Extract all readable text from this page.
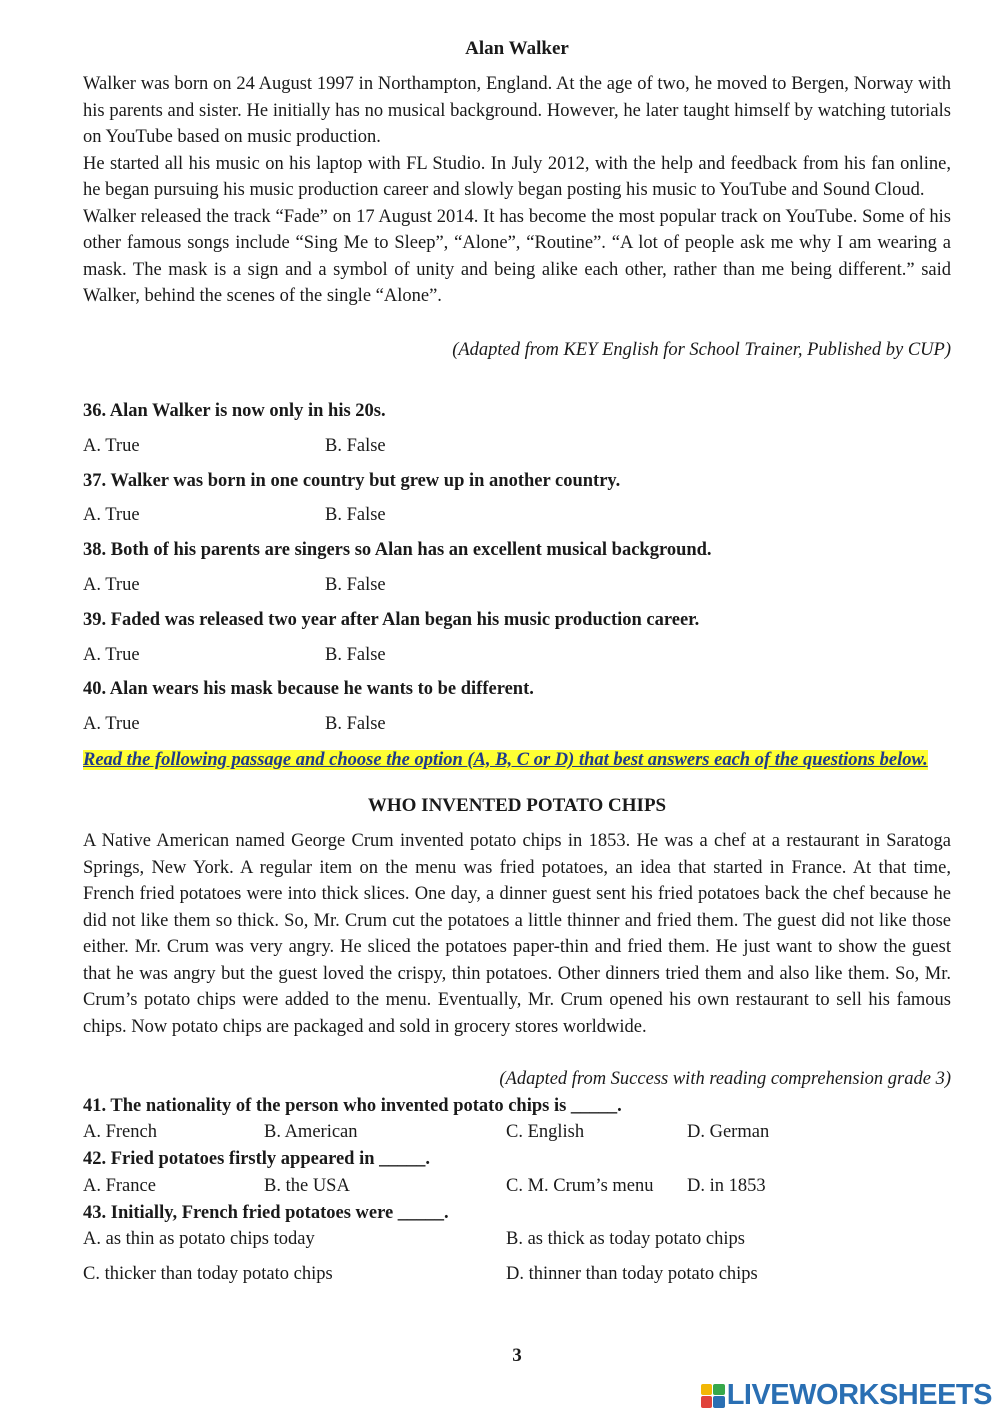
Alan Walker

Walker was born on 24 August 1997 in Northampton, England. At the age of two, he moved to Bergen, Norway with his parents and sister. He initially has no musical background. However, he later taught himself by watching tutorials on YouTube based on music production.

He started all his music on his laptop with FL Studio. In July 2012, with the help and feedback from his fan online, he began pursuing his music production career and slowly began posting his music to YouTube and Sound Cloud.

Walker released the track “Fade” on 17 August 2014. It has become the most popular track on YouTube. Some of his other famous songs include “Sing Me to Sleep”, “Alone”, “Routine”. “A lot of people ask me why I am wearing a mask. The mask is a sign and a symbol of unity and being alike each other, rather than me being different.” said Walker, behind the scenes of the single “Alone”.

(Adapted from KEY English for School Trainer, Published by CUP)
36. Alan Walker is now only in his 20s.
A. True	B. False
37. Walker was born in one country but grew up in another country.
A. True	B. False
38. Both of his parents are singers so Alan has an excellent musical background.
A. True	B. False
39. Faded was released two year after Alan began his music production career.
A. True	B. False
40. Alan wears his mask because he wants to be different.
A. True	B. False
Read the following passage and choose the option (A, B, C or D) that best answers each of the questions below.
WHO INVENTED POTATO CHIPS

A Native American named George Crum invented potato chips in 1853. He was a chef at a restaurant in Saratoga Springs, New York. A regular item on the menu was fried potatoes, an idea that started in France. At that time, French fried potatoes were into thick slices. One day, a dinner guest sent his fried potatoes back the chef because he did not like them so thick. So, Mr. Crum cut the potatoes a little thinner and fried them. The guest did not like those either. Mr. Crum was very angry. He sliced the potatoes paper-thin and fried them. He just want to show the guest that he was angry but the guest loved the crispy, thin potatoes. Other dinners tried them and also like them. So, Mr. Crum’s potato chips were added to the menu. Eventually, Mr. Crum opened his own restaurant to sell his famous chips. Now potato chips are packaged and sold in grocery stores worldwide.

(Adapted from Success with reading comprehension grade 3)
41. The nationality of the person who invented potato chips is _____.
A. French	B. American	C. English	D. German
42. Fried potatoes firstly appeared in _____.
A. France	B. the USA	C. M. Crum’s menu D. in 1853
43. Initially, French fried potatoes were _____.
A. as thin as potato chips today	B. as thick as today potato chips
C. thicker than today potato chips	D. thinner than today potato chips
3
LIVEWORKSHEETS
